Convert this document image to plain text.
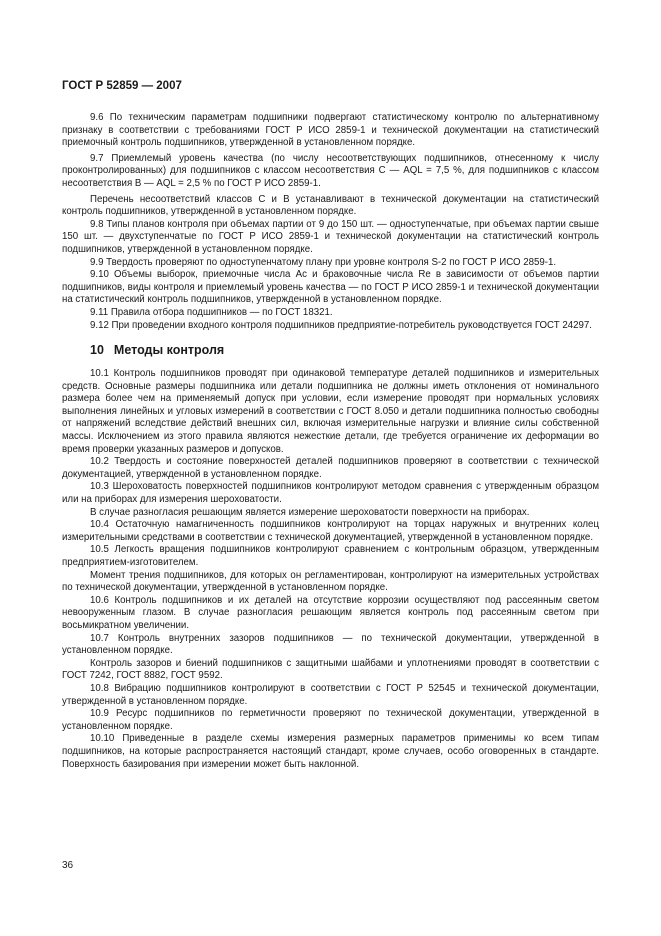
ГОСТ Р 52859 — 2007

9.6 По техническим параметрам подшипники подвергают статистическому контролю по альтернативному признаку в соответствии с требованиями ГОСТ Р ИСО 2859-1 и технической документации на статистический приемочный контроль подшипников, утвержденной в установленном порядке.

9.7 Приемлемый уровень качества (по числу несоответствующих подшипников, отнесенному к числу проконтролированных) для подшипников с классом несоответствия С — AQL = 7,5 %, для подшипников с классом несоответствия В — AQL = 2,5 % по ГОСТ Р ИСО 2859-1.

Перечень несоответствий классов С и В устанавливают в технической документации на статистический контроль подшипников, утвержденной в установленном порядке.

9.8 Типы планов контроля при объемах партии от 9 до 150 шт. — одноступенчатые, при объемах партии свыше 150 шт. — двухступенчатые по ГОСТ Р ИСО 2859-1 и технической документации на статистический контроль подшипников, утвержденной в установленном порядке.

9.9 Твердость проверяют по одноступенчатому плану при уровне контроля S-2 по ГОСТ Р ИСО 2859-1.

9.10 Объемы выборок, приемочные числа Ас и браковочные числа Re в зависимости от объемов партии подшипников, виды контроля и приемлемый уровень качества — по ГОСТ Р ИСО 2859-1 и технической документации на статистический контроль подшипников, утвержденной в установленном порядке.

9.11 Правила отбора подшипников — по ГОСТ 18321.

9.12 При проведении входного контроля подшипников предприятие-потребитель руководствуется ГОСТ 24297.

10 Методы контроля

10.1 Контроль подшипников проводят при одинаковой температуре деталей подшипников и измерительных средств. Основные размеры подшипника или детали подшипника не должны иметь отклонения от номинального размера более чем на применяемый допуск при условии, если измерение проводят при нормальных условиях выполнения линейных и угловых измерений в соответствии с ГОСТ 8.050 и детали подшипника полностью свободны от напряжений вследствие действий внешних сил, включая измерительные нагрузки и влияние силы собственной массы. Исключением из этого правила являются нежесткие детали, где требуется ограничение их деформации во время проверки указанных размеров и допусков.

10.2 Твердость и состояние поверхностей деталей подшипников проверяют в соответствии с технической документацией, утвержденной в установленном порядке.

10.3 Шероховатость поверхностей подшипников контролируют методом сравнения с утвержденным образцом или на приборах для измерения шероховатости.

В случае разногласия решающим является измерение шероховатости поверхности на приборах.

10.4 Остаточную намагниченность подшипников контролируют на торцах наружных и внутренних колец измерительными средствами в соответствии с технической документацией, утвержденной в установленном порядке.

10.5 Легкость вращения подшипников контролируют сравнением с контрольным образцом, утвержденным предприятием-изготовителем.

Момент трения подшипников, для которых он регламентирован, контролируют на измерительных устройствах по технической документации, утвержденной в установленном порядке.

10.6 Контроль подшипников и их деталей на отсутствие коррозии осуществляют под рассеянным светом невооруженным глазом. В случае разногласия решающим является контроль под рассеянным светом при восьмикратном увеличении.

10.7 Контроль внутренних зазоров подшипников — по технической документации, утвержденной в установленном порядке.

Контроль зазоров и биений подшипников с защитными шайбами и уплотнениями проводят в соответствии с ГОСТ 7242, ГОСТ 8882, ГОСТ 9592.

10.8 Вибрацию подшипников контролируют в соответствии с ГОСТ Р 52545 и технической документации, утвержденной в установленном порядке.

10.9 Ресурс подшипников по герметичности проверяют по технической документации, утвержденной в установленном порядке.

10.10 Приведенные в разделе схемы измерения размерных параметров применимы ко всем типам подшипников, на которые распространяется настоящий стандарт, кроме случаев, особо оговоренных в стандарте. Поверхность базирования при измерении может быть наклонной.

36
